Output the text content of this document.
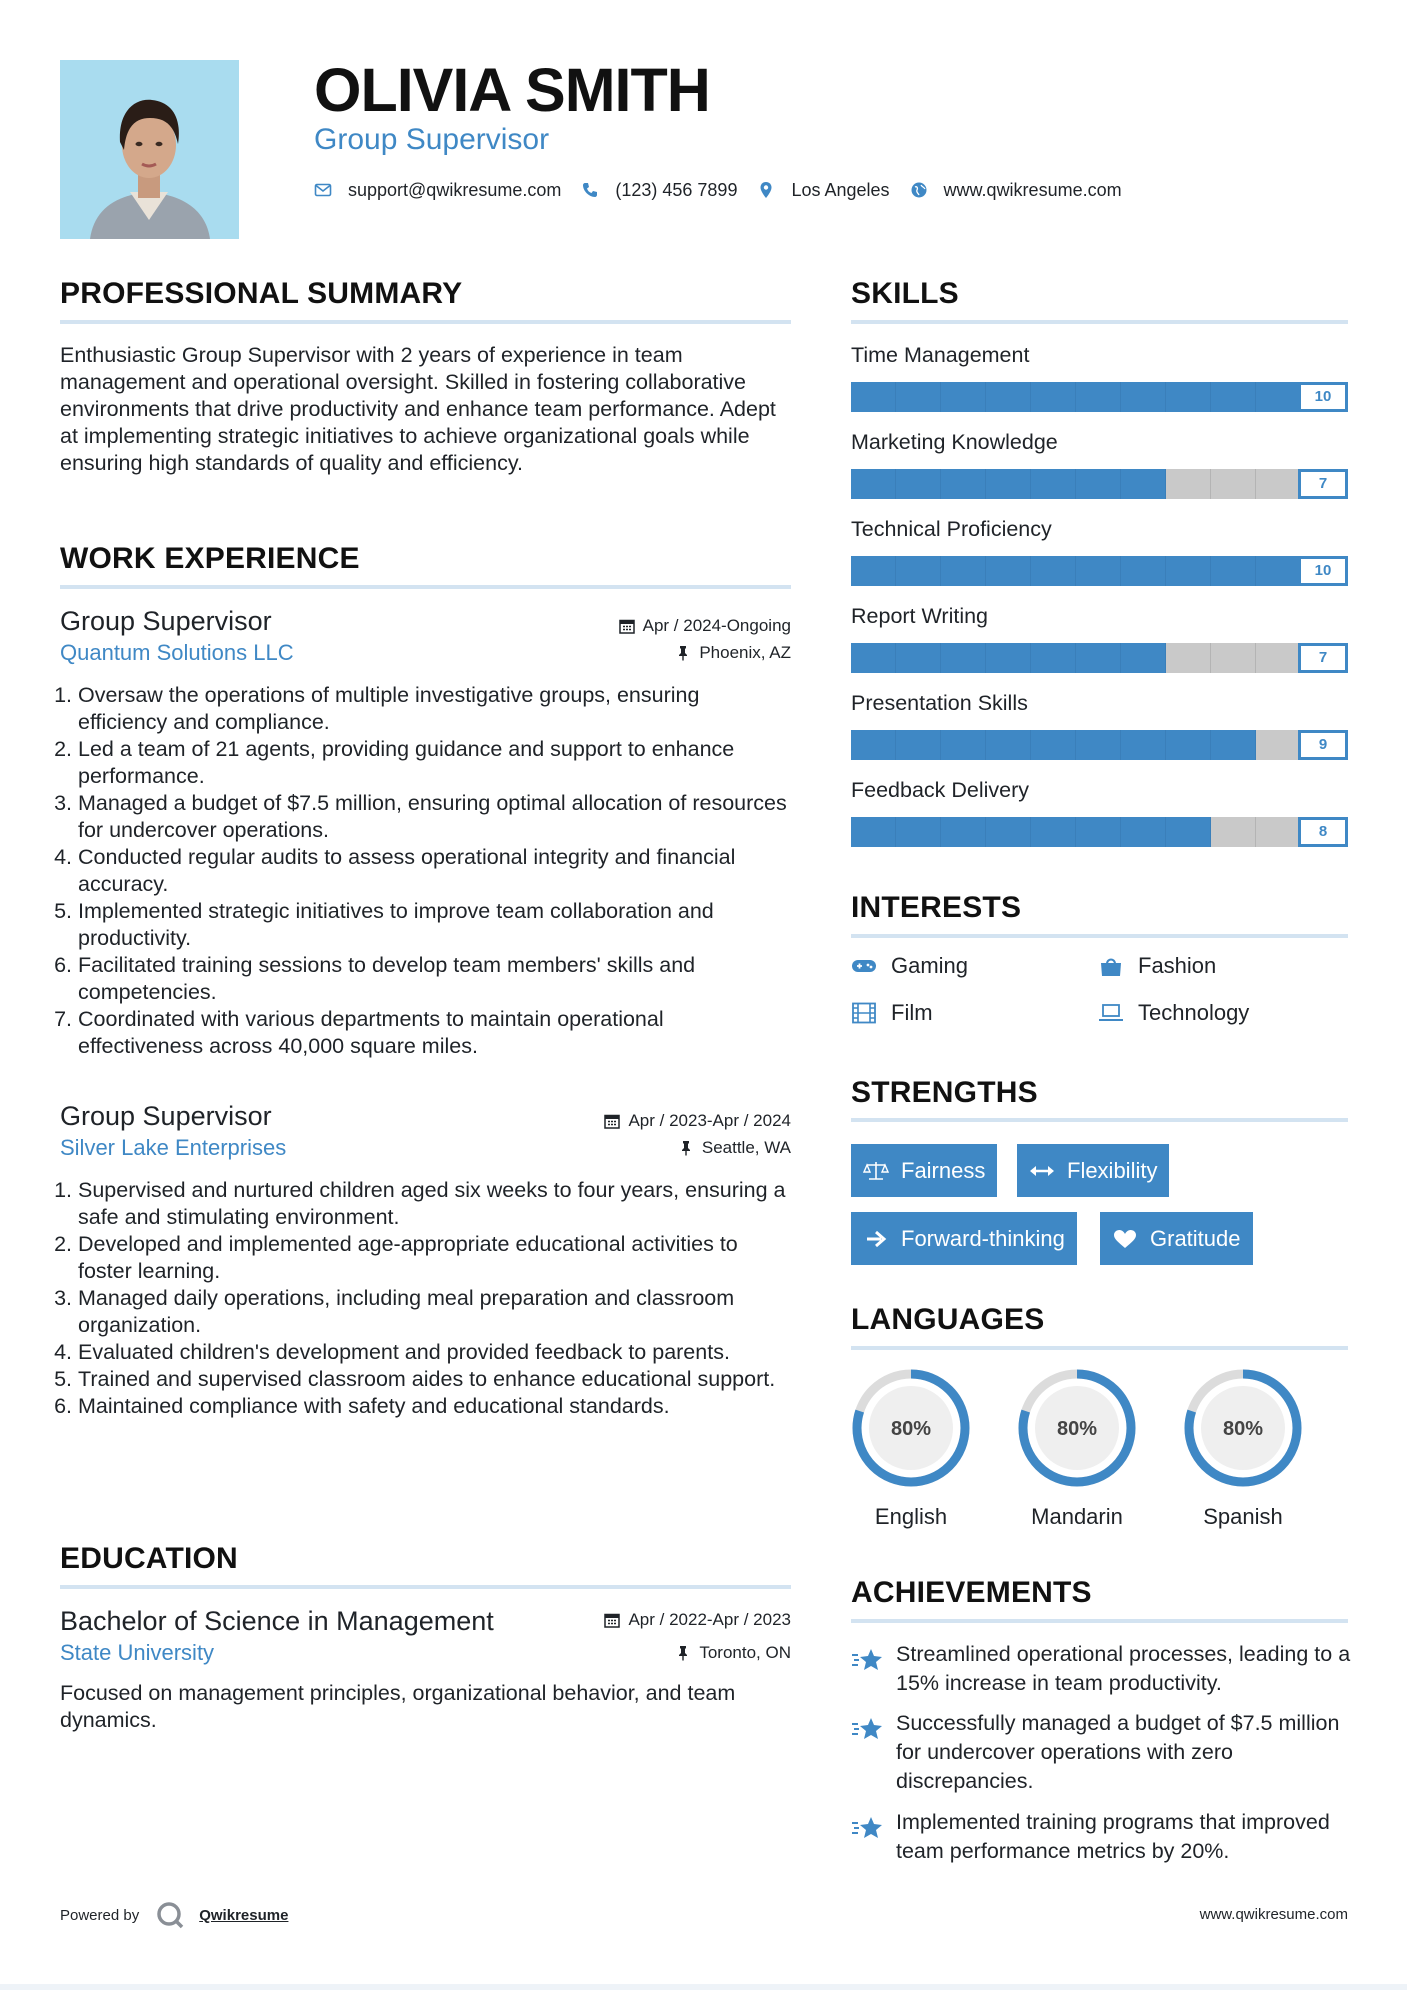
OLIVIA SMITH
Group Supervisor
support@qwikresume.com	(123) 456 7899	Los Angeles	www.qwikresume.com
PROFESSIONAL SUMMARY
Enthusiastic Group Supervisor with 2 years of experience in team management and operational oversight. Skilled in fostering collaborative environments that drive productivity and enhance team performance. Adept at implementing strategic initiatives to achieve organizational goals while ensuring high standards of quality and efficiency.
WORK EXPERIENCE
Group Supervisor	Apr / 2024-Ongoing
Quantum Solutions LLC	Phoenix, AZ
1. Oversaw the operations of multiple investigative groups, ensuring efficiency and compliance.
2. Led a team of 21 agents, providing guidance and support to enhance performance.
3. Managed a budget of $7.5 million, ensuring optimal allocation of resources for undercover operations.
4. Conducted regular audits to assess operational integrity and financial accuracy.
5. Implemented strategic initiatives to improve team collaboration and productivity.
6. Facilitated training sessions to develop team members' skills and competencies.
7. Coordinated with various departments to maintain operational effectiveness across 40,000 square miles.
Group Supervisor	Apr / 2023-Apr / 2024
Silver Lake Enterprises	Seattle, WA
1. Supervised and nurtured children aged six weeks to four years, ensuring a safe and stimulating environment.
2. Developed and implemented age-appropriate educational activities to foster learning.
3. Managed daily operations, including meal preparation and classroom organization.
4. Evaluated children's development and provided feedback to parents.
5. Trained and supervised classroom aides to enhance educational support.
6. Maintained compliance with safety and educational standards.
EDUCATION
Bachelor of Science in Management	Apr / 2022-Apr / 2023
State University	Toronto, ON
Focused on management principles, organizational behavior, and team dynamics.
SKILLS
Time Management
10
Marketing Knowledge
7
Technical Proficiency
10
Report Writing
7
Presentation Skills
9
Feedback Delivery
8
INTERESTS
Gaming	Fashion
Film	Technology
STRENGTHS
Fairness	Flexibility
Forward-thinking	Gratitude
LANGUAGES
80%
English
80%
Mandarin
80%
Spanish
ACHIEVEMENTS
Streamlined operational processes, leading to a 15% increase in team productivity.
Successfully managed a budget of $7.5 million for undercover operations with zero discrepancies.
Implemented training programs that improved team performance metrics by 20%.
Powered by	Qwikresume	www.qwikresume.com
